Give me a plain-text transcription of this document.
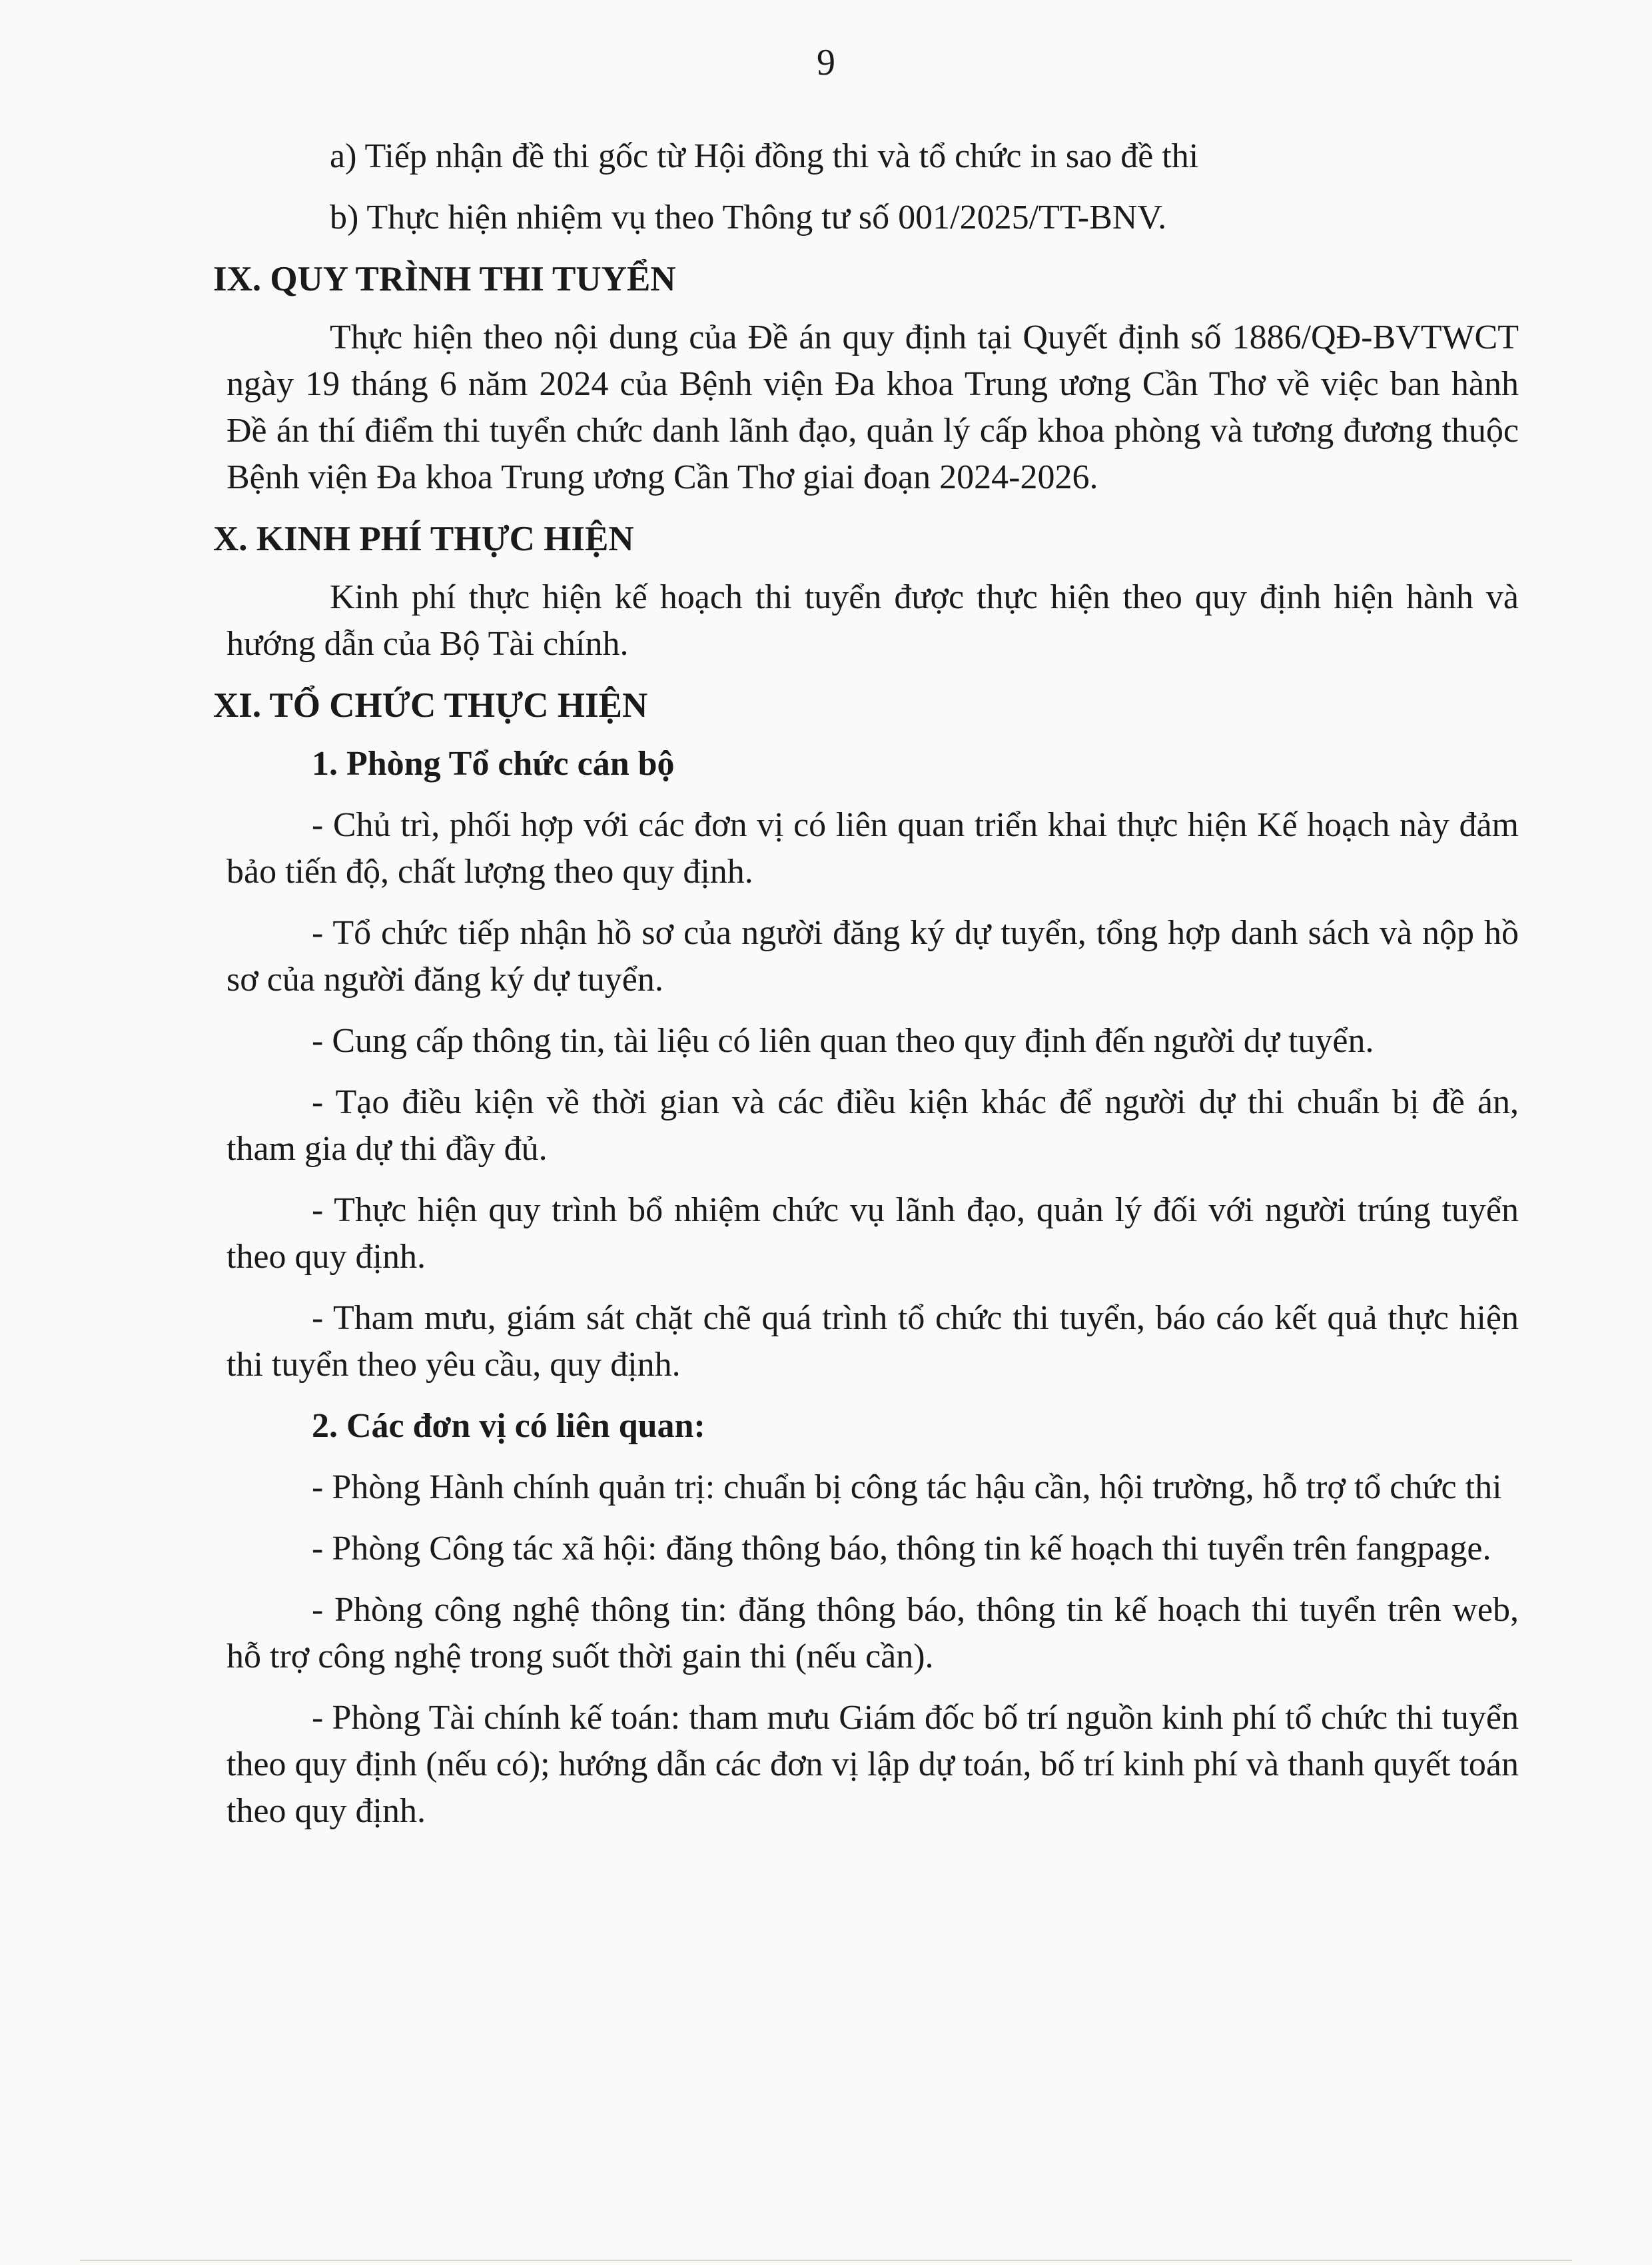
9

a) Tiếp nhận đề thi gốc từ Hội đồng thi và tổ chức in sao đề thi

b) Thực hiện nhiệm vụ theo Thông tư số 001/2025/TT-BNV.

IX. QUY TRÌNH THI TUYỂN

Thực hiện theo nội dung của Đề án quy định tại Quyết định số 1886/QĐ-BVTWCT ngày 19 tháng 6 năm 2024 của Bệnh viện Đa khoa Trung ương Cần Thơ về việc ban hành Đề án thí điểm thi tuyển chức danh lãnh đạo, quản lý cấp khoa phòng và tương đương thuộc Bệnh viện Đa khoa Trung ương Cần Thơ giai đoạn 2024-2026.

X. KINH PHÍ THỰC HIỆN

Kinh phí thực hiện kế hoạch thi tuyển được thực hiện theo quy định hiện hành và hướng dẫn của Bộ Tài chính.

XI. TỔ CHỨC THỰC HIỆN

1. Phòng Tổ chức cán bộ

- Chủ trì, phối hợp với các đơn vị có liên quan triển khai thực hiện Kế hoạch này đảm bảo tiến độ, chất lượng theo quy định.

- Tổ chức tiếp nhận hồ sơ của người đăng ký dự tuyển, tổng hợp danh sách và nộp hồ sơ của người đăng ký dự tuyển.

- Cung cấp thông tin, tài liệu có liên quan theo quy định đến người dự tuyển.

- Tạo điều kiện về thời gian và các điều kiện khác để người dự thi chuẩn bị đề án, tham gia dự thi đầy đủ.

- Thực hiện quy trình bổ nhiệm chức vụ lãnh đạo, quản lý đối với người trúng tuyển theo quy định.

- Tham mưu, giám sát chặt chẽ quá trình tổ chức thi tuyển, báo cáo kết quả thực hiện thi tuyển theo yêu cầu, quy định.

2. Các đơn vị có liên quan:

- Phòng Hành chính quản trị: chuẩn bị công tác hậu cần, hội trường, hỗ trợ tổ chức thi

- Phòng Công tác xã hội: đăng thông báo, thông tin kế hoạch thi tuyển trên fangpage.

- Phòng công nghệ thông tin: đăng thông báo, thông tin kế hoạch thi tuyển trên web, hỗ trợ công nghệ trong suốt thời gain thi (nếu cần).

- Phòng Tài chính kế toán: tham mưu Giám đốc bố trí nguồn kinh phí tổ chức thi tuyển theo quy định (nếu có); hướng dẫn các đơn vị lập dự toán, bố trí kinh phí và thanh quyết toán theo quy định.
